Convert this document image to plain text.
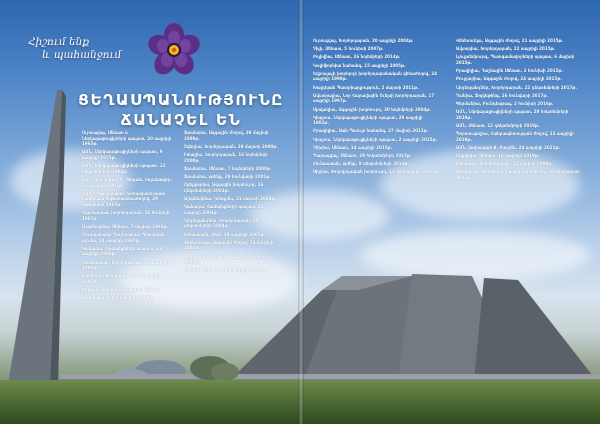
Հիշում ենք
և պահանջում
ՑԵՂԱՍՊԱՆՈՒԹՅՈՒՆԸ
ՃԱՆԱՉԵԼ ԵՆ

Ուրուգվայ, Սենատ և Ներկայացուցիչների պալատ, 20 ապրիլի 1965թ.

ԱՄՆ, Ներկայացուցիչների պալատ, 9 ապրիլի 1975թ.

ԱՄՆ, Ներկայացուցիչների պալատ, 12 սեպտեմբերի 1984թ.

ԱՄՆ, նախագահ Ռ. Ռեյգան, հռչակագիր, 22 ապրիլի 1981թ.

ՄԱԿ-ի Ռասայական խտրականության կանխման ենթահանձնաժողով, 29 օգոստոսի 1985թ.

Եվրոպական խորհրդարան, 18 հունիսի 1987թ.

Արգենտինա, Սենատ, 5 մայիսի 1993թ.

Ռուսաստանի Դաշնության Պետական դումա, 14 ապրիլի 1995թ.

Կանադա, Համայնքների պալատ, 23 ապրիլի 1996թ.

Հունաստան, Խորհրդարան, 25 ապրիլի 1996թ.

Լիբանան, Խորհրդարան, 3 ապրիլի 1997թ.

Բելգիա, Սենատ, 26 մարտի 1998թ.

Վատիկան, 10 նոյեմբերի 2000թ.

Ֆրանսիա, Ազգային ժողով, 29 մայիսի 1998թ.

Շվեդիա, Խորհրդարան, 29 մարտի 2000թ.

Իտալիա, Խորհրդարան, 16 նոյեմբերի 2000թ.

Ֆրանսիա, Սենատ, 7 նոյեմբերի 2000թ.

Ֆրանսիա, օրենք, 29 հունվարի 2001թ.

Շվեյցարիա, Ազգային խորհուրդ, 16 դեկտեմբերի 2003թ.

Արգենտինա, Կոնգրես, 31 մարտի 2004թ.

Կանադա, Համայնքների պալատ, 21 ապրիլի 2004թ.

Նիդեռլանդներ, Խորհրդարան, 21 դեկտեմբերի 2004թ.

Լեհաստան, Սեյմ, 19 ապրիլի 2005թ.

Վենեսուելա, Ազգային ժողով, 14 հուլիսի 2005թ.

Գերմանիա, Բունդեսթագ, 16 հունիսի 2005թ.

Լիտվա, Սեյմ, 15 դեկտեմբերի 2005թ.

Ուրուգվայ, Խորհրդարան, 20 ապրիլի 2004թ.

Չիլի, Սենատ, 5 հունիսի 2007թ.

Բոլիվիա, Սենատ, 26 նոյեմբերի 2014թ.

Կալիֆորնիա նահանգ, 15 ապրիլի 2005թ.

Եվրոպայի խորհրդի խորհրդարանական վեհաժողով, 24 ապրիլի 1998թ.

Խալդեյան Պատրիարքություն, 2 մարտի 2011թ.

Ավստրալիա, Նոր Հարավային Ուելսի խորհրդարան, 17 ապրիլի 1997թ.

Սլովակիա, Ազգային խորհուրդ, 30 նոյեմբերի 2004թ.

Կիպրոս, Ներկայացուցիչների պալատ, 29 ապրիլի 1982թ.

Բրազիլիա, Սան Պաուլո նահանգ, 27 մայիսի 2011թ.

Կիպրոս, Ներկայացուցիչների պալատ, 2 ապրիլի 2015թ.

Չեխիա, Սենատ, 14 ապրիլի 2015թ.

Պարագվայ, Սենատ, 29 հոկտեմբերի 2015թ.

Հունաստան, օրենք, 9 սեպտեմբերի 2014թ.

Սիրիա, Ժողովրդական խորհուրդ, 13 փետրվարի 2020թ.

Վենեսուելա, Ազգային ժողով, 21 ապրիլի 2015թ.

Ավստրիա, Խորհրդարան, 22 ապրիլի 2015թ.

Լյուքսեմբուրգ, Պատգամավորների պալատ, 6 մայիսի 2015թ.

Բրազիլիա, Դաշնային Սենատ, 2 հունիսի 2015թ.

Բուլղարիա, Ազգային ժողով, 24 ապրիլի 2015թ.

Նիդեռլանդներ, Խորհրդարան, 22 դեկտեմբերի 2017թ.

Դանիա, Ֆոլկեթինգ, 26 հունվարի 2017թ.

Գերմանիա, Բունդեսթագ, 2 հունիսի 2016թ.

ԱՄՆ, Ներկայացուցիչների պալատ, 29 հոկտեմբերի 2019թ.

ԱՄՆ, Սենատ, 12 դեկտեմբերի 2019թ.

Պորտուգալիա, Հանրապետության ժողով, 22 ապրիլի 2019թ.

ԱՄՆ, նախագահ Ջ. Բայդեն, 24 ապրիլի 2021թ.

Մեքսիկա, Սենատ, 16 ապրիլի 2019թ.

Լիբանան, Խորհրդարան, 11 մայիսի 2000թ.

Ֆրանսիա, Սահմանադրական խորհուրդ, 28 փետրվարի 2012թ.
